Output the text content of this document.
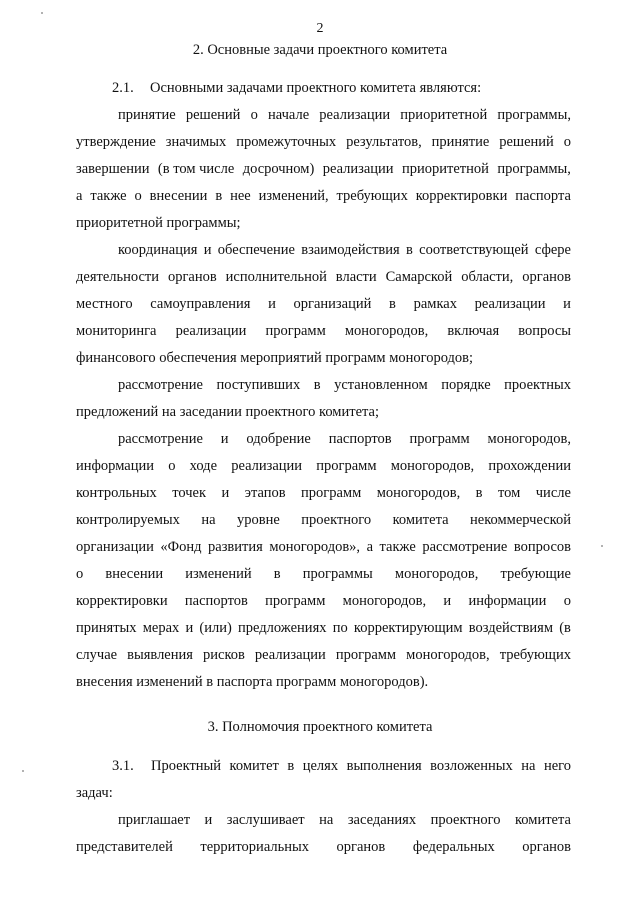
2
2. Основные задачи проектного комитета
2.1. Основными задачами проектного комитета являются:
принятие решений о начале реализации приоритетной программы,
утверждение значимых промежуточных результатов, принятие решений о
завершении (в том числе досрочном) реализации приоритетной программы,
а также о внесении в нее изменений, требующих корректировки паспорта
приоритетной программы;
координация и обеспечение взаимодействия в соответствующей сфере
деятельности органов исполнительной власти Самарской области, органов
местного самоуправления и организаций в рамках реализации и
мониторинга реализации программ моногородов, включая вопросы
финансового обеспечения мероприятий программ моногородов;
рассмотрение поступивших в установленном порядке проектных
предложений на заседании проектного комитета;
рассмотрение и одобрение паспортов программ моногородов,
информации о ходе реализации программ моногородов, прохождении
контрольных точек и этапов программ моногородов, в том числе
контролируемых на уровне проектного комитета некоммерческой
организации «Фонд развития моногородов», а также рассмотрение вопросов
о внесении изменений в программы моногородов, требующие
корректировки паспортов программ моногородов, и информации о
принятых мерах и (или) предложениях по корректирующим воздействиям (в
случае выявления рисков реализации программ моногородов, требующих
внесения изменений в паспорта программ моногородов).
3. Полномочия проектного комитета
3.1. Проектный комитет в целях выполнения возложенных на него
задач:
приглашает и заслушивает на заседаниях проектного комитета
представителей территориальных органов федеральных органов
